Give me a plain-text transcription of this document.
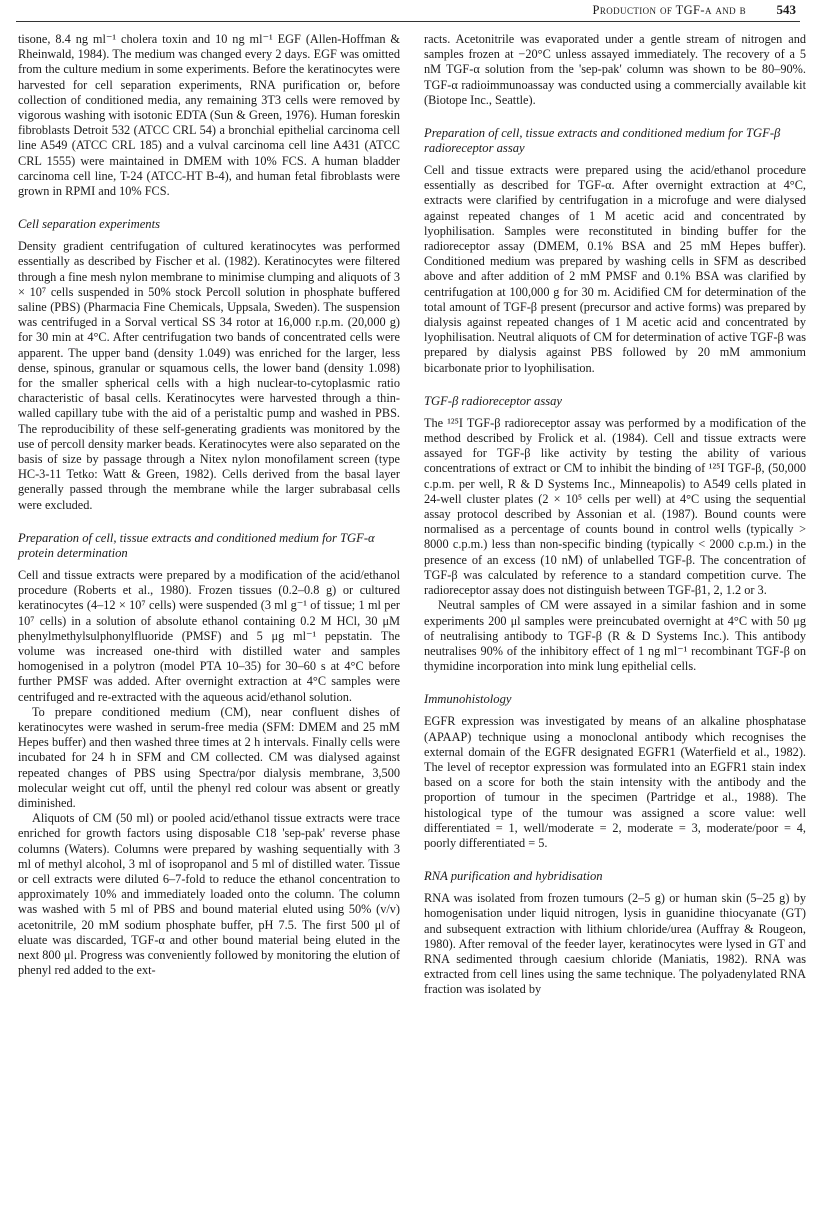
Production of TGF-α and β 543

tisone, 8.4 ng ml⁻¹ cholera toxin and 10 ng ml⁻¹ EGF (Allen-Hoffman & Rheinwald, 1984). The medium was changed every 2 days. EGF was omitted from the culture medium in some experiments. Before the keratinocytes were harvested for cell separation experiments, RNA purification or, before collection of conditioned media, any remaining 3T3 cells were removed by vigorous washing with isotonic EDTA (Sun & Green, 1976). Human foreskin fibroblasts Detroit 532 (ATCC CRL 54) a bronchial epithelial carcinoma cell line A549 (ATCC CRL 185) and a vulval carcinoma cell line A431 (ATCC CRL 1555) were maintained in DMEM with 10% FCS. A human bladder carcinoma cell line, T-24 (ATCC-HT B-4), and human fetal fibroblasts were grown in RPMI and 10% FCS.

Cell separation experiments

Density gradient centrifugation of cultured keratinocytes was performed essentially as described by Fischer et al. (1982). Keratinocytes were filtered through a fine mesh nylon membrane to minimise clumping and aliquots of 3 × 10⁷ cells suspended in 50% stock Percoll solution in phosphate buffered saline (PBS) (Pharmacia Fine Chemicals, Uppsala, Sweden). The suspension was centrifuged in a Sorval vertical SS 34 rotor at 16,000 r.p.m. (20,000 g) for 30 min at 4°C. After centrifugation two bands of concentrated cells were apparent. The upper band (density 1.049) was enriched for the larger, less dense, spinous, granular or squamous cells, the lower band (density 1.098) for the smaller spherical cells with a high nuclear-to-cytoplasmic ratio characteristic of basal cells. Keratinocytes were harvested through a thin-walled capillary tube with the aid of a peristaltic pump and washed in PBS. The reproducibility of these self-generating gradients was monitored by the use of percoll density marker beads. Keratinocytes were also separated on the basis of size by passage through a Nitex nylon monofilament screen (type HC-3-11 Tetko: Watt & Green, 1982). Cells derived from the basal layer generally passed through the membrane while the larger subrabasal cells were excluded.

Preparation of cell, tissue extracts and conditioned medium for TGF-α protein determination

Cell and tissue extracts were prepared by a modification of the acid/ethanol procedure (Roberts et al., 1980). Frozen tissues (0.2–0.8 g) or cultured keratinocytes (4–12 × 10⁷ cells) were suspended (3 ml g⁻¹ of tissue; 1 ml per 10⁷ cells) in a solution of absolute ethanol containing 0.2 M HCl, 30 μM phenylmethylsulphonylfluoride (PMSF) and 5 μg ml⁻¹ pepstatin. The volume was increased one-third with distilled water and samples homogenised in a polytron (model PTA 10–35) for 30–60 s at 4°C before further PMSF was added. After overnight extraction at 4°C samples were centrifuged and re-extracted with the aqueous acid/ethanol solution.

To prepare conditioned medium (CM), near confluent dishes of keratinocytes were washed in serum-free media (SFM: DMEM and 25 mM Hepes buffer) and then washed three times at 2 h intervals. Finally cells were incubated for 24 h in SFM and CM collected. CM was dialysed against repeated changes of PBS using Spectra/por dialysis membrane, 3,500 molecular weight cut off, until the phenyl red colour was absent or greatly diminished.

Aliquots of CM (50 ml) or pooled acid/ethanol tissue extracts were trace enriched for growth factors using disposable C18 'sep-pak' reverse phase columns (Waters). Columns were prepared by washing sequentially with 3 ml of methyl alcohol, 3 ml of isopropanol and 5 ml of distilled water. Tissue or cell extracts were diluted 6–7-fold to reduce the ethanol concentration to approximately 10% and immediately loaded onto the column. The column was washed with 5 ml of PBS and bound material eluted using 50% (v/v) acetonitrile, 20 mM sodium phosphate buffer, pH 7.5. The first 500 μl of eluate was discarded, TGF-α and other bound material being eluted in the next 800 μl. Progress was conveniently followed by monitoring the elution of phenyl red added to the ext-

racts. Acetonitrile was evaporated under a gentle stream of nitrogen and samples frozen at −20°C unless assayed immediately. The recovery of a 5 nM TGF-α solution from the 'sep-pak' column was shown to be 80–90%. TGF-α radioimmunoassay was conducted using a commercially available kit (Biotope Inc., Seattle).

Preparation of cell, tissue extracts and conditioned medium for TGF-β radioreceptor assay

Cell and tissue extracts were prepared using the acid/ethanol procedure essentially as described for TGF-α. After overnight extraction at 4°C, extracts were clarified by centrifugation in a microfuge and were dialysed against repeated changes of 1 M acetic acid and concentrated by lyophilisation. Samples were reconstituted in binding buffer for the radioreceptor assay (DMEM, 0.1% BSA and 25 mM Hepes buffer). Conditioned medium was prepared by washing cells in SFM as described above and after addition of 2 mM PMSF and 0.1% BSA was clarified by centrifugation at 100,000 g for 30 m. Acidified CM for determination of the total amount of TGF-β present (precursor and active forms) was prepared by dialysis against repeated changes of 1 M acetic acid and concentrated by lyophilisation. Neutral aliquots of CM for determination of active TGF-β was prepared by dialysis against PBS followed by 20 mM ammonium bicarbonate prior to lyophilisation.

TGF-β radioreceptor assay

The ¹²⁵I TGF-β radioreceptor assay was performed by a modification of the method described by Frolick et al. (1984). Cell and tissue extracts were assayed for TGF-β like activity by testing the ability of various concentrations of extract or CM to inhibit the binding of ¹²⁵I TGF-β, (50,000 c.p.m. per well, R & D Systems Inc., Minneapolis) to A549 cells plated in 24-well cluster plates (2 × 10⁵ cells per well) at 4°C using the sequential assay protocol described by Assonian et al. (1987). Bound counts were normalised as a percentage of counts bound in control wells (typically > 8000 c.p.m.) less than non-specific binding (typically < 2000 c.p.m.) in the presence of an excess (10 nM) of unlabelled TGF-β. The concentration of TGF-β was calculated by reference to a standard competition curve. The radioreceptor assay does not distinguish between TGF-β1, 2, 1.2 or 3.

Neutral samples of CM were assayed in a similar fashion and in some experiments 200 μl samples were preincubated overnight at 4°C with 50 μg of neutralising antibody to TGF-β (R & D Systems Inc.). This antibody neutralises 90% of the inhibitory effect of 1 ng ml⁻¹ recombinant TGF-β on thymidine incorporation into mink lung epithelial cells.

Immunohistology

EGFR expression was investigated by means of an alkaline phosphatase (APAAP) technique using a monoclonal antibody which recognises the external domain of the EGFR designated EGFR1 (Waterfield et al., 1982). The level of receptor expression was formulated into an EGFR1 stain index based on a score for both the stain intensity with the antibody and the proportion of tumour in the specimen (Partridge et al., 1988). The histological type of the tumour was assigned a score value: well differentiated = 1, well/moderate = 2, moderate = 3, moderate/poor = 4, poorly differentiated = 5.

RNA purification and hybridisation

RNA was isolated from frozen tumours (2–5 g) or human skin (5–25 g) by homogenisation under liquid nitrogen, lysis in guanidine thiocyanate (GT) and subsequent extraction with lithium chloride/urea (Auffray & Rougeon, 1980). After removal of the feeder layer, keratinocytes were lysed in GT and RNA sedimented through caesium chloride (Maniatis, 1982). RNA was extracted from cell lines using the same technique. The polyadenylated RNA fraction was isolated by
